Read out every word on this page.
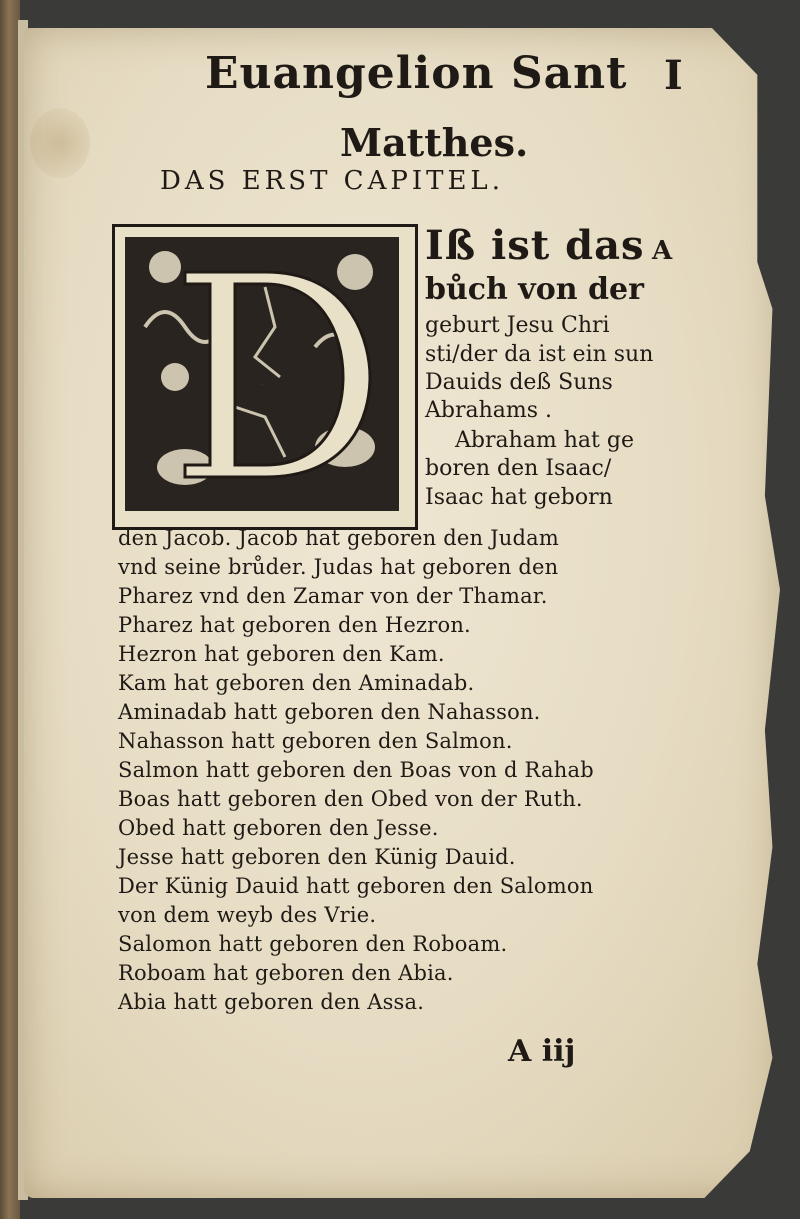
Euangelion Sant I
Matthes.
DAS ERST CAPITEL.
D
A
Iß ist das
bůch von der
geburt Jesu Chri
sti/der da ist ein sun
Dauids deß Suns
Abrahams .
Abraham hat ge
boren den Isaac/
Isaac hat geborn
den Jacob. Jacob hat geboren den Judam
vnd seine brůder. Judas hat geboren den
Pharez vnd den Zamar von der Thamar.
Pharez hat geboren den Hezron.
Hezron hat geboren den Kam.
Kam hat geboren den Aminadab.
Aminadab hatt geboren den Nahasson.
Nahasson hatt geboren den Salmon.
Salmon hatt geboren den Boas von d Rahab
Boas hatt geboren den Obed von der Ruth.
Obed hatt geboren den Jesse.
Jesse hatt geboren den Künig Dauid.
Der Künig Dauid hatt geboren den Salomon
von dem weyb des Vrie.
Salomon hatt geboren den Roboam.
Roboam hat geboren den Abia.
Abia hatt geboren den Assa.
A iij
